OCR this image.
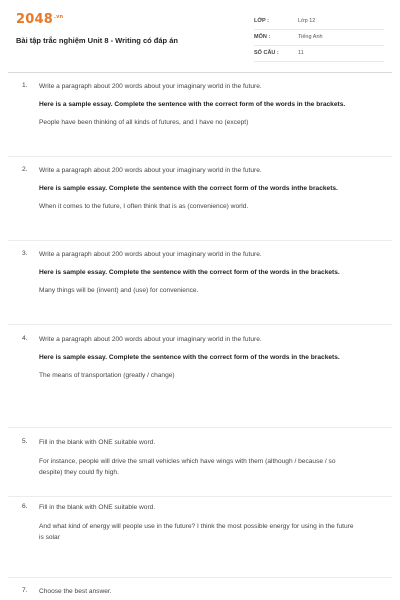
$2048^{.vn}$
Bài tập trắc nghiệm Unit 8 - Writing có đáp án
LỚP :	Lớp 12
MÔN :	Tiếng Anh
SỐ CÂU :	11
1. Write a paragraph about 200 words about your imaginary world in the future.
Here is a sample essay. Complete the sentence with the correct form of the words in the brackets.
People have been thinking of all kinds of futures, and I have no (except)
2. Write a paragraph about 200 words about your imaginary world in the future.
Here is sample essay. Complete the sentence with the correct form of the words inthe brackets.
When it comes to the future, I often think that is as (convenience) world.
3. Write a paragraph about 200 words about your imaginary world in the future.
Here is sample essay. Complete the sentence with the correct form of the words in the brackets.
Many things will be (invent) and (use) for convenience.
4. Write a paragraph about 200 words about your imaginary world in the future.
Here is sample essay. Complete the sentence with the correct form of the words in the brackets.
The means of transportation (greatly / change)
5. Fill in the blank with ONE suitable word.
For instance, people will drive the small vehicles which have wings with them (although / because / so despite) they could fly high.
6. Fill in the blank with ONE suitable word.
And what kind of energy will people use in the future? I think the most possible energy for using in the future is solar
7. Choose the best answer.
